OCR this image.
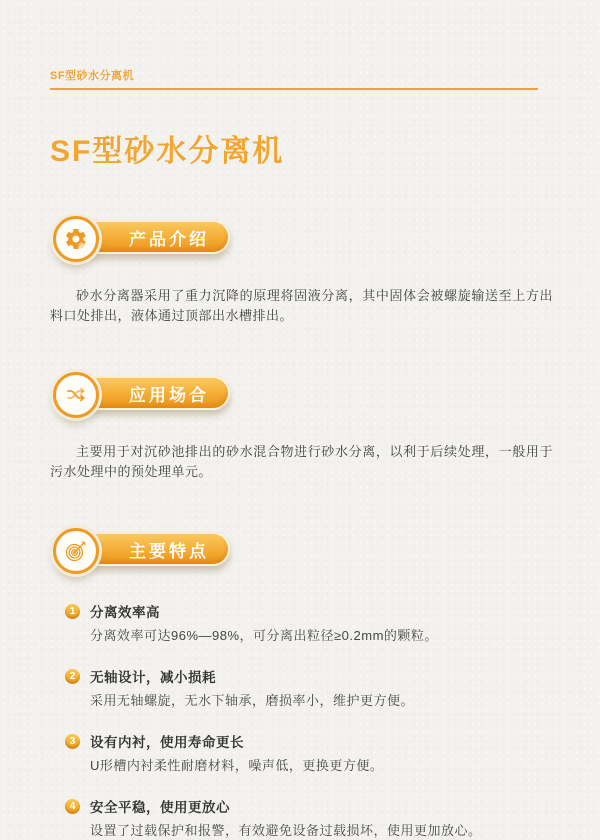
SF型砂水分离机
SF型砂水分离机
产品介绍
砂水分离器采用了重力沉降的原理将固液分离，其中固体会被螺旋输送至上方出料口处排出，液体通过顶部出水槽排出。
应用场合
主要用于对沉砂池排出的砂水混合物进行砂水分离，以利于后续处理，一般用于污水处理中的预处理单元。
主要特点
1	分离效率高
分离效率可达96%—98%，可分离出粒径≥0.2mm的颗粒。
2	无轴设计，减小损耗
采用无轴螺旋，无水下轴承，磨损率小，维护更方便。
3	设有内衬，使用寿命更长
U形槽内衬柔性耐磨材料，噪声低，更换更方便。
4	安全平稳，使用更放心
设置了过载保护和报警，有效避免设备过载损坏，使用更加放心。
